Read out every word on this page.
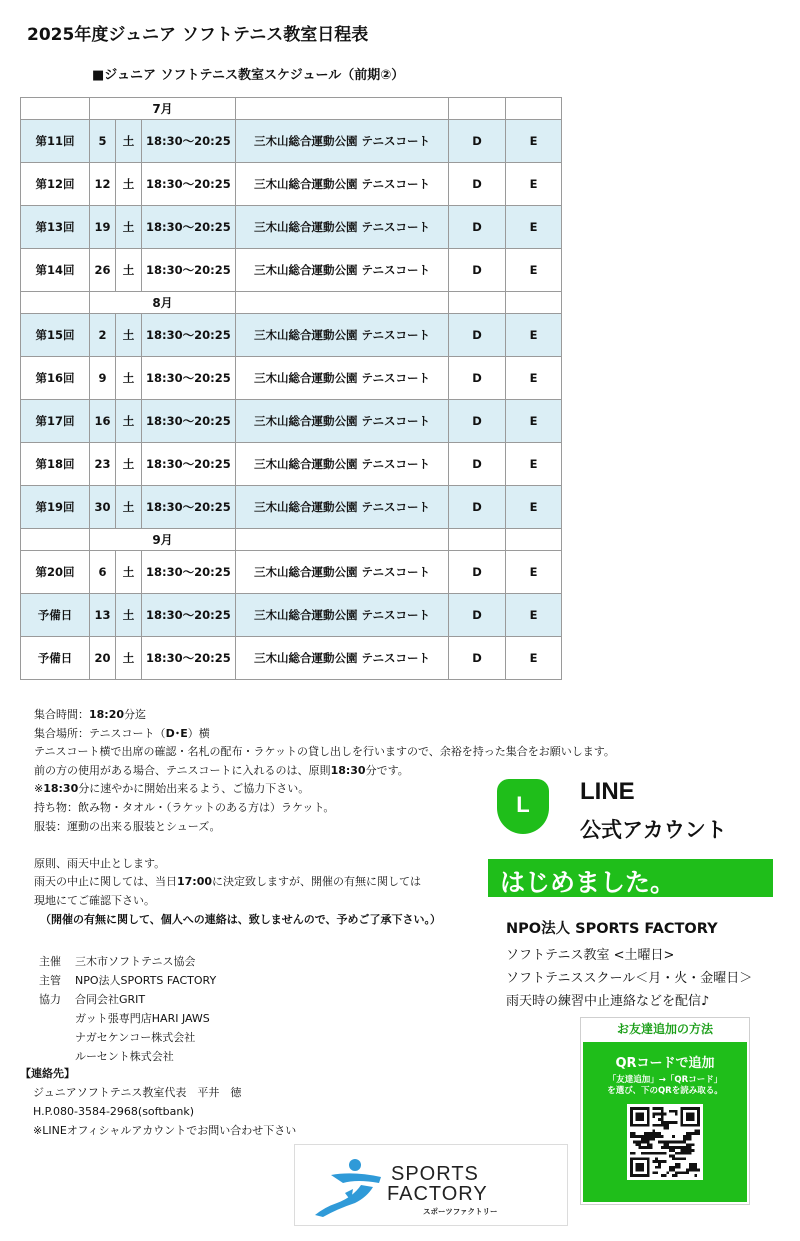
2025年度ジュニア ソフトテニス教室日程表
■ジュニア ソフトテニス教室スケジュール（前期②）
	7月					
第11回	5	土	18:30～20:25	三木山総合運動公園 テニスコート	D	E
第12回	12	土	18:30～20:25	三木山総合運動公園 テニスコート	D	E
第13回	19	土	18:30～20:25	三木山総合運動公園 テニスコート	D	E
第14回	26	土	18:30～20:25	三木山総合運動公園 テニスコート	D	E
	8月					
第15回	2	土	18:30～20:25	三木山総合運動公園 テニスコート	D	E
第16回	9	土	18:30～20:25	三木山総合運動公園 テニスコート	D	E
第17回	16	土	18:30～20:25	三木山総合運動公園 テニスコート	D	E
第18回	23	土	18:30～20:25	三木山総合運動公園 テニスコート	D	E
第19回	30	土	18:30～20:25	三木山総合運動公園 テニスコート	D	E
	9月					
第20回	6	土	18:30～20:25	三木山総合運動公園 テニスコート	D	E
予備日	13	土	18:30～20:25	三木山総合運動公園 テニスコート	D	E
予備日	20	土	18:30～20:25	三木山総合運動公園 テニスコート	D	E
集合時間：18:20分迄
集合場所：テニスコート（D･E）横
テニスコート横で出席の確認・名札の配布・ラケットの貸し出しを行いますので、余裕を持った集合をお願いします。
前の方の使用がある場合、テニスコートに入れるのは、原則18:30分です。
※18:30分に速やかに開始出来るよう、ご協力下さい。
持ち物：飲み物・タオル・（ラケットのある方は）ラケット。
服装：運動の出来る服装とシューズ。
原則、雨天中止とします。
雨天の中止に関しては、当日17:00に決定致しますが、開催の有無に関しては
現地にてご確認下さい。
（開催の有無に関して、個人への連絡は、致しませんので、予めご了承下さい。）
主催	三木市ソフトテニス協会
主管	NPO法人SPORTS FACTORY
協力	合同会社GRIT
ガット張専門店HARI JAWS
ナガセケンコー株式会社
ルーセント株式会社
【連絡先】
ジュニアソフトテニス教室代表　平井　徳
H.P.080-3584-2968(softbank)
※LINEオフィシャルアカウントでお問い合わせ下さい
L	LINE
公式アカウント
はじめました。
NPO法人 SPORTS FACTORY
ソフトテニス教室 <土曜日>
ソフトテニススクール＜月・火・金曜日＞
雨天時の練習中止連絡などを配信♪
お友達追加の方法
QRコードで追加
「友達追加」→「QRコード」
を選び、下のQRを読み取る。
SPORTS
FACTORY
スポーツファクトリー
